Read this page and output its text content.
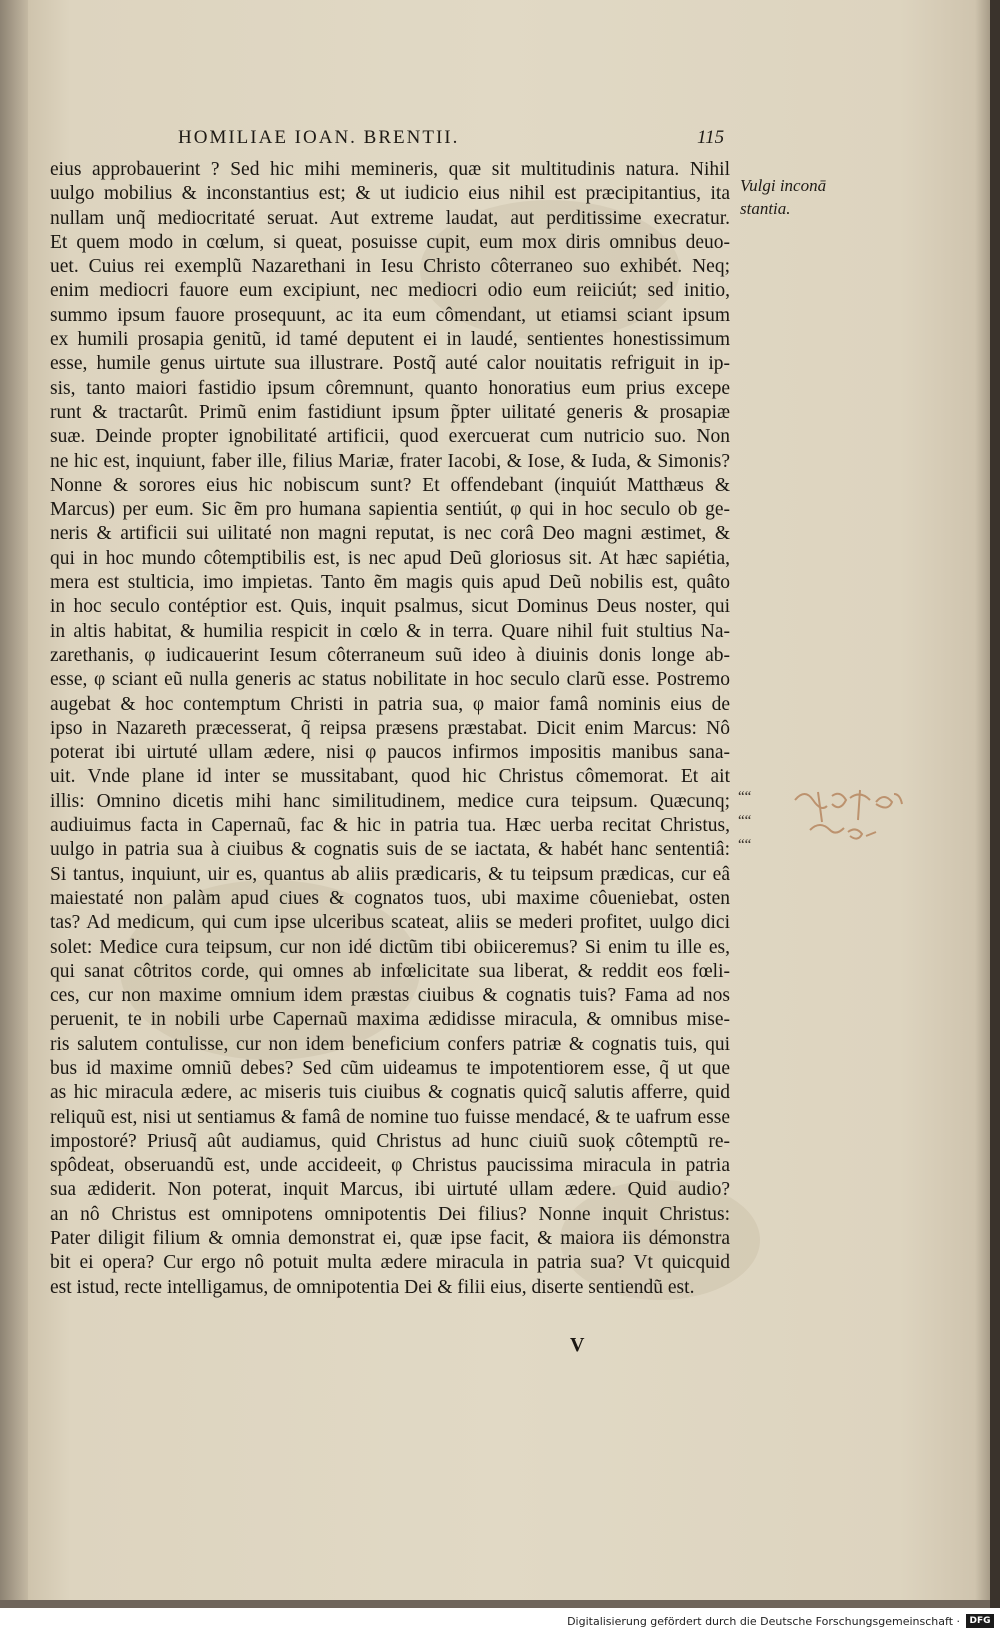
HOMILIAE IOAN. BRENTII.	115
Vulgi inconā
stantia.
““
““
““
eius approbauerint ? Sed hic mihi memineris, quæ sit multitudinis natura. Nihil
uulgo mobilius & inconstantius est; & ut iudicio eius nihil est præcipitantius, ita
nullam unq̃ mediocritaté seruat. Aut extreme laudat, aut perditissime execratur.
Et quem modo in cœlum, si queat, posuisse cupit, eum mox diris omnibus deuo-
uet. Cuius rei exemplũ Nazarethani in Iesu Christo côterraneo suo exhibét. Neq;
enim mediocri fauore eum excipiunt, nec mediocri odio eum reiiciút; sed initio,
summo ipsum fauore prosequunt, ac ita eum cômendant, ut etiamsi sciant ipsum
ex humili prosapia genitũ, id tamé deputent ei in laudé, sentientes honestissimum
esse, humile genus uirtute sua illustrare. Postq̃ auté calor nouitatis refriguit in ip-
sis, tanto maiori fastidio ipsum côremnunt, quanto honoratius eum prius excepe
runt & tractarût. Primũ enim fastidiunt ipsum p̃pter uilitaté generis & prosapiæ
suæ. Deinde propter ignobilitaté artificii, quod exercuerat cum nutricio suo. Non
ne hic est, inquiunt, faber ille, filius Mariæ, frater Iacobi, & Iose, & Iuda, & Simonis?
Nonne & sorores eius hic nobiscum sunt? Et offendebant (inquiút Matthæus &
Marcus) per eum. Sic ẽm pro humana sapientia sentiút, φ qui in hoc seculo ob ge-
neris & artificii sui uilitaté non magni reputat, is nec corâ Deo magni æstimet, &
qui in hoc mundo côtemptibilis est, is nec apud Deũ gloriosus sit. At hæc sapiétia,
mera est stulticia, imo impietas. Tanto ẽm magis quis apud Deũ nobilis est, quâto
in hoc seculo contéptior est. Quis, inquit psalmus, sicut Dominus Deus noster, qui
in altis habitat, & humilia respicit in cœlo & in terra. Quare nihil fuit stultius Na-
zarethanis, φ iudicauerint Iesum côterraneum suũ ideo à diuinis donis longe ab-
esse, φ sciant eũ nulla generis ac status nobilitate in hoc seculo clarũ esse. Postremo
augebat & hoc contemptum Christi in patria sua, φ maior famâ nominis eius de
ipso in Nazareth præcesserat, q̃ reipsa præsens præstabat. Dicit enim Marcus: Nô
poterat ibi uirtuté ullam ædere, nisi φ paucos infirmos impositis manibus sana-
uit. Vnde plane id inter se mussitabant, quod hic Christus cômemorat. Et ait
illis: Omnino dicetis mihi hanc similitudinem, medice cura teipsum. Quæcunq;
audiuimus facta in Capernaũ, fac & hic in patria tua. Hæc uerba recitat Christus,
uulgo in patria sua à ciuibus & cognatis suis de se iactata, & habét hanc sententiâ:
Si tantus, inquiunt, uir es, quantus ab aliis prædicaris, & tu teipsum prædicas, cur eâ
maiestaté non palàm apud ciues & cognatos tuos, ubi maxime côueniebat, osten
tas? Ad medicum, qui cum ipse ulceribus scateat, aliis se mederi profitet, uulgo dici
solet: Medice cura teipsum, cur non idé dictũm tibi obiiceremus? Si enim tu ille es,
qui sanat côtritos corde, qui omnes ab infœlicitate sua liberat, & reddit eos fœli-
ces, cur non maxime omnium idem præstas ciuibus & cognatis tuis? Fama ad nos
peruenit, te in nobili urbe Capernaũ maxima ædidisse miracula, & omnibus mise-
ris salutem contulisse, cur non idem beneficium confers patriæ & cognatis tuis, qui
bus id maxime omniũ debes? Sed cũm uideamus te impotentiorem esse, q̃ ut que
as hic miracula ædere, ac miseris tuis ciuibus & cognatis quicq̃ salutis afferre, quid
reliquũ est, nisi ut sentiamus & famâ de nomine tuo fuisse mendacé, & te uafrum esse
impostoré? Priusq̃ aût audiamus, quid Christus ad hunc ciuiũ suoķ côtemptũ re-
spôdeat, obseruandũ est, unde accideeit, φ Christus paucissima miracula in patria
sua ædiderit. Non poterat, inquit Marcus, ibi uirtuté ullam ædere. Quid audio?
an nô Christus est omnipotens omnipotentis Dei filius? Nonne inquit Christus:
Pater diligit filium & omnia demonstrat ei, quæ ipse facit, & maiora iis démonstra
bit ei opera? Cur ergo nô potuit multa ædere miracula in patria sua? Vt quicquid
est istud, recte intelligamus, de omnipotentia Dei & filii eius, diserte sentiendũ est.
V
Digitalisierung gefördert durch die Deutsche Forschungsgemeinschaft ·	DFG
